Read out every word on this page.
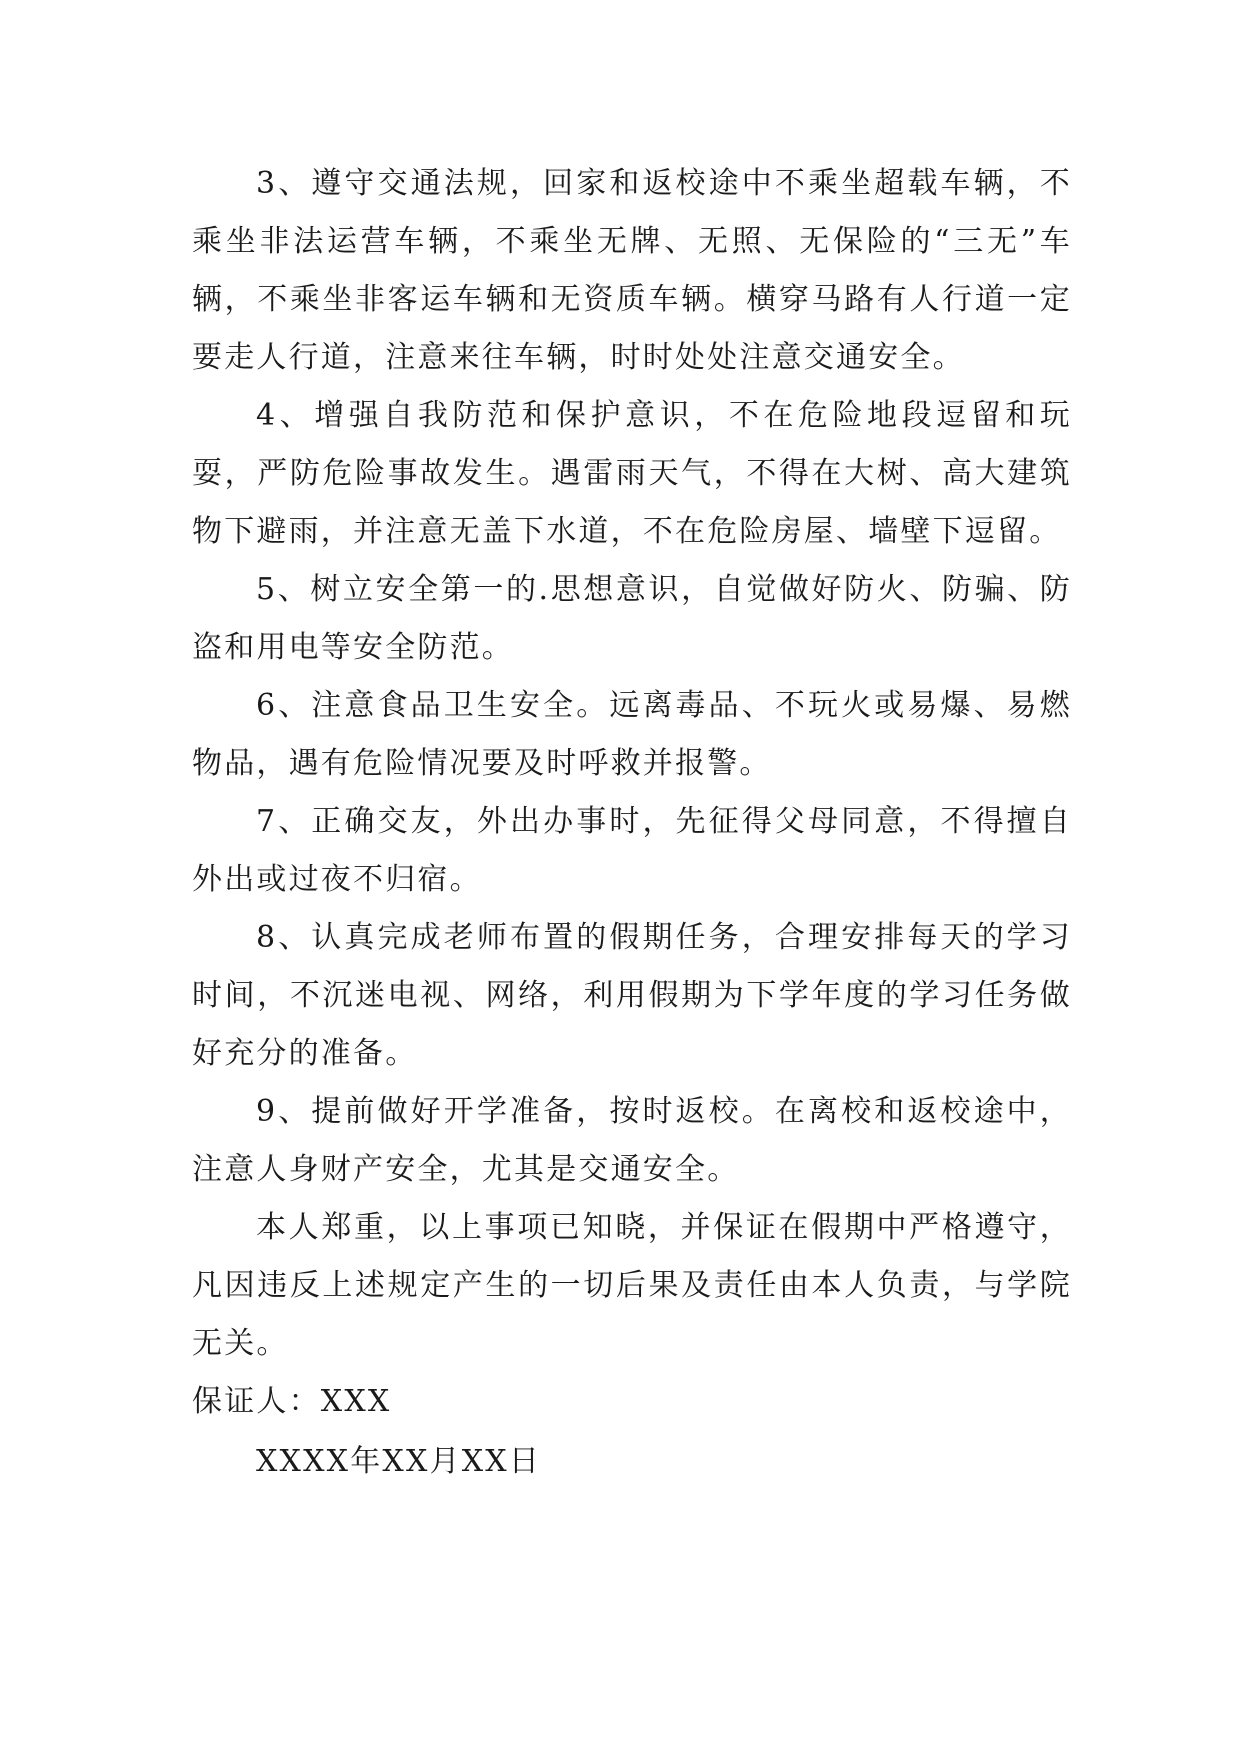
3、遵守交通法规，回家和返校途中不乘坐超载车辆，不乘坐非法运营车辆，不乘坐无牌、无照、无保险的“三无”车辆，不乘坐非客运车辆和无资质车辆。横穿马路有人行道一定要走人行道，注意来往车辆，时时处处注意交通安全。

4、增强自我防范和保护意识，不在危险地段逗留和玩耍，严防危险事故发生。遇雷雨天气，不得在大树、高大建筑物下避雨，并注意无盖下水道，不在危险房屋、墙壁下逗留。

5、树立安全第一的.思想意识，自觉做好防火、防骗、防盗和用电等安全防范。

6、注意食品卫生安全。远离毒品、不玩火或易爆、易燃物品，遇有危险情况要及时呼救并报警。

7、正确交友，外出办事时，先征得父母同意，不得擅自外出或过夜不归宿。

8、认真完成老师布置的假期任务，合理安排每天的学习时间，不沉迷电视、网络，利用假期为下学年度的学习任务做好充分的准备。

9、提前做好开学准备，按时返校。在离校和返校途中，注意人身财产安全，尤其是交通安全。

本人郑重，以上事项已知晓，并保证在假期中严格遵守，凡因违反上述规定产生的一切后果及责任由本人负责，与学院无关。

保证人：XXX

XXXX年XX月XX日
